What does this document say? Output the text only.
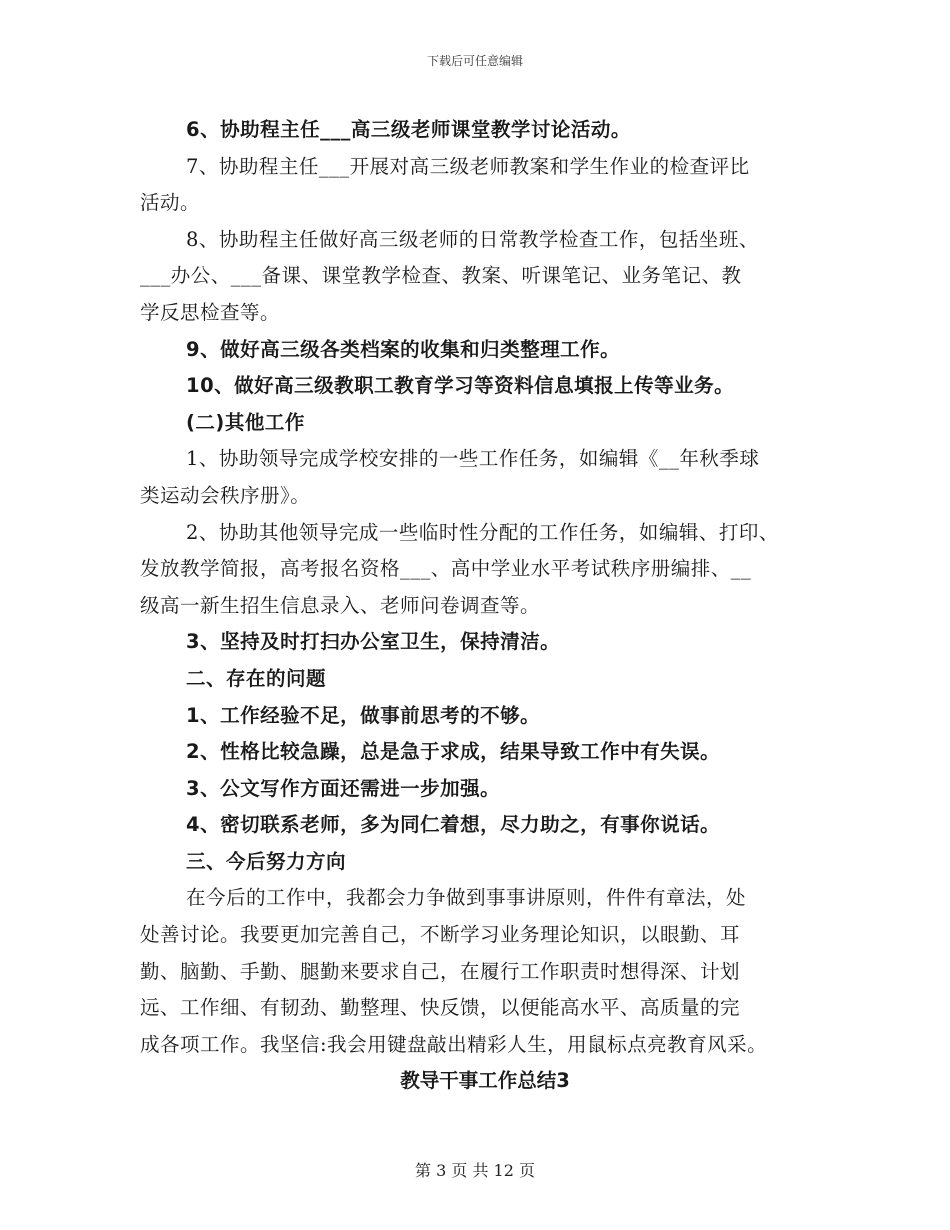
下载后可任意编辑
6、协助程主任___高三级老师课堂教学讨论活动。
7、协助程主任___开展对高三级老师教案和学生作业的检查评比
活动。
8、协助程主任做好高三级老师的日常教学检查工作，包括坐班、
___办公、___备课、课堂教学检查、教案、听课笔记、业务笔记、教
学反思检查等。
9、做好高三级各类档案的收集和归类整理工作。
10、做好高三级教职工教育学习等资料信息填报上传等业务。
(二)其他工作
1、协助领导完成学校安排的一些工作任务，如编辑《__年秋季球
类运动会秩序册》。
2、协助其他领导完成一些临时性分配的工作任务，如编辑、打印、
发放教学简报，高考报名资格___、高中学业水平考试秩序册编排、__
级高一新生招生信息录入、老师问卷调查等。
3、坚持及时打扫办公室卫生，保持清洁。
二、存在的问题
1、工作经验不足，做事前思考的不够。
2、性格比较急躁，总是急于求成，结果导致工作中有失误。
3、公文写作方面还需进一步加强。
4、密切联系老师，多为同仁着想，尽力助之，有事你说话。
三、今后努力方向
在今后的工作中，我都会力争做到事事讲原则，件件有章法，处
处善讨论。我要更加完善自己，不断学习业务理论知识，以眼勤、耳
勤、脑勤、手勤、腿勤来要求自己，在履行工作职责时想得深、计划
远、工作细、有韧劲、勤整理、快反馈，以便能高水平、高质量的完
成各项工作。我坚信:我会用键盘敲出精彩人生，用鼠标点亮教育风采。
教导干事工作总结3
第 3 页 共 12 页
